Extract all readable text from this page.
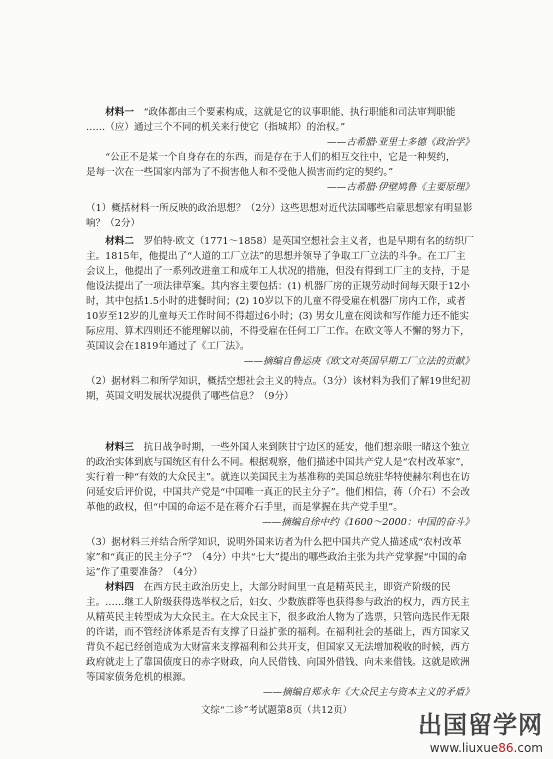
材料一　 “政体都由三个要素构成，这就是它的议事职能、执行职能和司法审判职能
……（应）通过三个不同的机关来行使它（指城邦）的治权。”

——古希腊·亚里士多德《政治学》

“公正不是某一个自身存在的东西，而是存在于人们的相互交往中，它是一种契约，
是每一次在一些国家内部为了不损害他人和不受他人损害而约定的契约。”

——古希腊·伊壁鸠鲁《主要原理》

（1）概括材料一所反映的政治思想？（2分）这些思想对近代法国哪些启蒙思想家有明显影响？（2分）

材料二　 罗伯特·欧文（1771～1858）是英国空想社会主义者，也是早期有名的纺织厂主。1815年，他提出了“人道的工厂立法”的思想并领导了争取工厂立法的斗争。在工厂主会议上，他提出了一系列改进童工和成年工人状况的措施，但没有得到工厂主的支持，于是他设法提出了一项法律草案。其内容主要包括：(1) 机器厂房的正规劳动时间每天限于12小时，其中包括1.5小时的进餐时间；(2) 10岁以下的儿童不得受雇在机器厂房内工作，或者10岁至12岁的儿童每天工作时间不得超过6小时；(3) 男女儿童在阅读和写作能力还不能实际应用、算术四则还不能理解以前，不得受雇在任何工厂工作。在欧文等人不懈的努力下，英国议会在1819年通过了《工厂法》。

——摘编自鲁运庚《欧文对英国早期工厂立法的贡献》

（2）据材料二和所学知识，概括空想社会主义的特点。（3分）该材料为我们了解19世纪初期，英国文明发展状况提供了哪些信息？（9分）

材料三　 抗日战争时期，一些外国人来到陕甘宁边区的延安，他们想亲眼一睹这个独立的政治实体到底与国统区有什么不同。根据观察，他们描述中国共产党人是“农村改革家”，实行着一种“有效的大众民主”。就连以美国民主为基准称的美国总统驻华特使赫尔利也在访问延安后评价说，中国共产党是“中国唯一真正的民主分子”。他们相信，蒋（介石）不会改革他的政权，但“中国的命运不是在蒋介石手里，而是掌握在共产党手里”。

——摘编自徐中约《1600～2000：中国的奋斗》

（3）据材料三并结合所学知识，说明外国来访者为什么把中国共产党人描述成“农村改革家”和“真正的民主分子”？（4分）中共“七大”提出的哪些政治主张为共产党掌握“中国的命运”作了重要准备？（4分）

材料四　 在西方民主政治历史上，大部分时间里一直是精英民主，即资产阶级的民主。……继工人阶级获得选举权之后，妇女、少数族群等也获得参与政治的权力，西方民主从精英民主转型成为大众民主。在大众民主下，很多政治人物为了选票，只管向选民作无限的许诺，而不管经济体系是否有支撑了日益扩张的福利。在福利社会的基础上，西方国家又背负不起已经创造成为大财富来支撑福利和公共开支，但国家又无法增加税收的时候，西方政府就走上了靠国债度日的赤字财政，向人民借钱、向国外借钱、向未来借钱。这就是欧洲等国家债务危机的根源。

——摘编自郑永年《大众民主与资本主义的矛盾》

文综“二诊”考试题第8页（共12页）
出国留学网
www.liuxue86.com
